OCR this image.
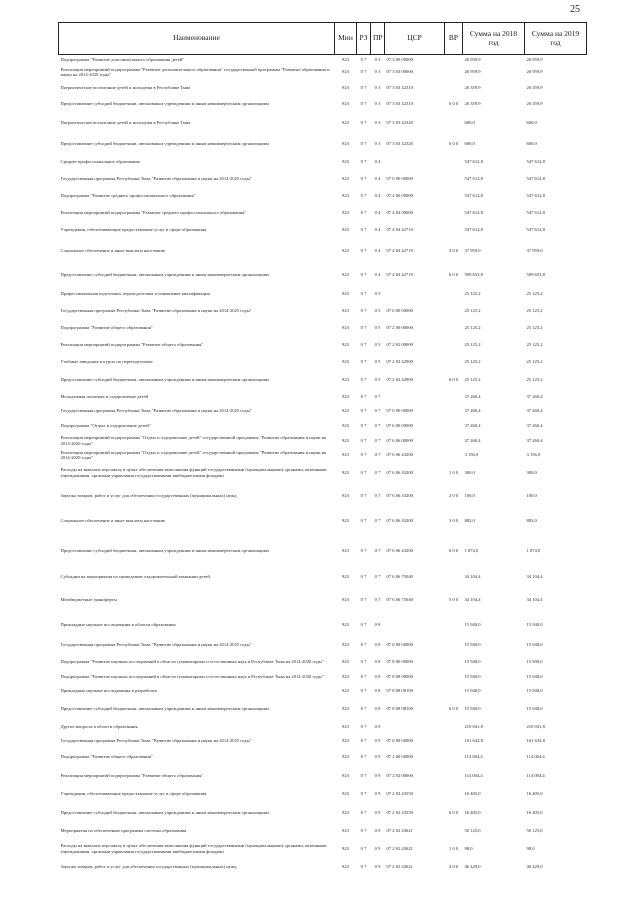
25
Наименование	Мин	РЗ	ПР	ЦСР	ВР	Сумма на 2018 год	Сумма на 2019 год
Подпрограмма "Развитие дополнительного образования детей"	923	0 7	0 3	07 3 00 00000		26 959,9	26 959,9
Реализация мероприятий подпрограммы "Развитие дополнительного образования" государственной программы "Развитие образования и науки на 2014-2020 годы"	923	0 7	0 3	07 3 03 00000		26 959,9	26 959,9
Патриотическое воспитание детей и молодежи в Республике Тыва	923	0 7	0 3	07 3 03 42310		26 359,9	26 359,9
Предоставление субсидий бюджетным, автономным учреждениям и иным некоммерческим организациям	923	0 7	0 3	07 3 03 42310	6 0 0	26 359,9	26 359,9
Патриотическое воспитание детей и молодежи в Республике Тыва	923	0 7	0 3	07 3 03 42320		600,0	600,0
Предоставление субсидий бюджетным, автономным учреждениям и иным некоммерческим организациям	923	0 7	0 3	07 3 03 42320	6 0 0	600,0	600,0
Среднее профессиональное образование	923	0 7	0 4			547 612,8	547 612,8
Государственная программа Республики Тыва "Развитие образования и науки на 2014-2025 годы"	923	0 7	0 4	07 0 00 00000		547 612,8	547 612,8
Подпрограмма "Развитие среднего профессионального образования"	923	0 7	0 4	07 4 00 00000		547 612,8	547 612,8
Реализация мероприятий подпрограммы "Развитие среднего профессионального образования"	923	0 7	0 4	07 4 04 00000		547 612,8	547 612,8
Учреждения, обеспечивающие предоставление услуг в сфере образования	923	0 7	0 4	07 4 04 42710		547 612,8	547 612,8
Социальное обеспечение и иные выплаты населению	923	0 7	0 4	07 4 04 42710	3 0 0	37 959,0	37 959,0
Предоставление субсидий бюджетным, автономным учреждениям и иным некоммерческим организациям	923	0 7	0 4	07 4 04 42710	6 0 0	509 653,8	509 653,8
Профессиональная подготовка, переподготовка и повышение квалификации	923	0 7	0 5			25 125,2	25 125,2
Государственная программа Республики Тыва "Развитие образования и науки на 2014-2025 годы"	923	0 7	0 5	07 0 00 00000		25 125,2	25 125,2
Подпрограмма "Развитие общего образования"	923	0 7	0 5	07 2 00 00000		25 125,2	25 125,2
Реализация мероприятий подпрограммы "Развитие общего образования"	923	0 7	0 5	07 2 02 00000		25 125,2	25 125,2
Учебные заведения и курсы по переподготовке	923	0 7	0 5	07 2 02 42900		25 125,2	25 125,2
Предоставление субсидий бюджетным, автономным учреждениям и иным некоммерческим организациям	923	0 7	0 5	07 2 02 42900	6 0 0	25 125,2	25 125,2
Молодежная политика и оздоровление детей	923	0 7	0 7			37 260,4	37 260,4
Государственная программа Республики Тыва "Развитие образования и науки на 2014-2025 годы"	923	0 7	0 7	07 0 00 00000		37 260,4	37 260,4
Подпрограмма "Отдых и оздоровление детей"	923	0 7	0 7	07 6 00 00000		37 260,4	37 260,4
Реализация мероприятий подпрограммы "Отдых и оздоровление детей" государственной программы "Развитие образования и науки на 2014-2020 годы"	923	0 7	0 7	07 6 06 00000		37 260,4	37 260,4
Реализация мероприятий подпрограммы "Отдых и оздоровление детей" государственной программы "Развитие образования и науки на 2014-2020 годы"	923	0 7	0 7	07 6 06 43200		3 156,0	3 156,0
Расходы на выплаты персоналу в целях обеспечения выполнения функций государственными (муниципальными) органами, казенными учреждениями, органами управления государственными внебюджетными фондами	923	0 7	0 7	07 6 06 43200	1 0 0	300,0	300,0
Закупка товаров, работ и услуг для обеспечения государственных (муниципальных) нужд	923	0 7	0 7	07 6 06 43200	2 0 0	100,0	100,0
Социальное обеспечение и иные выплаты населению	923	0 7	0 7	07 6 06 43200	3 0 0	882,0	882,0
Предоставление субсидий бюджетным, автономным учреждениям и иным некоммерческим организациям	923	0 7	0 7	07 6 06 43200	6 0 0	1 874,0	1 874,0
Субсидии на мероприятия по проведению оздоровительной кампании детей	923	0 7	0 7	07 6 06 75040		34 104,4	34 104,4
Межбюджетные трансферты	923	0 7	0 7	07 6 06 75040	5 0 0	34 104,4	34 104,4
Прикладные научные исследования в области образования	923	0 7	0 8			15 940,0	15 940,0
Государственная программа Республики Тыва "Развитие образования и науки на 2014-2025 годы"	923	0 7	0 8	07 0 00 00000		15 940,0	15 940,0
Подпрограмма "Развитие научных исследований в области гуманитарных и естественных наук в Республике Тыва на 2014-2020 годы"	923	0 7	0 8	07 8 00 00000		15 940,0	15 940,0
Подпрограмма "Развитие научных исследований в области гуманитарных и естественных наук в Республике Тыва на 2014-2020 годы"	923	0 7	0 8	07 8 08 00000		15 940,0	15 940,0
Прикладные научные исследования и разработки	923	0 7	0 8	07 8 08 08100		15 940,0	15 940,0
Предоставление субсидий бюджетным, автономным учреждениям и иным некоммерческим организациям	923	0 7	0 8	07 8 08 08100	6 0 0	15 940,0	15 940,0
Другие вопросы в области образования	923	0 7	0 9			210 041,8	210 041,8
Государственная программа Республики Тыва "Развитие образования и науки на 2014-2025 годы"	923	0 7	0 9	07 0 00 00000		161 632,8	161 632,8
Подпрограмма "Развитие общего образования"	923	0 7	0 9	07 2 00 00000		114 004,4	114 004,4
Реализация мероприятий подпрограммы "Развитие общего образования"	923	0 7	0 9	07 2 02 00000		114 004,4	114 004,4
Учреждения, обеспечивающие предоставление услуг в сфере образования	923	0 7	0 9	07 2 02 43550		16 405,0	16 405,0
Предоставление субсидий бюджетным, автономным учреждениям и иным некоммерческим организациям	923	0 7	0 9	07 2 02 43550	6 0 0	16 405,0	16 405,0
Мероприятия по обеспечению программы системы образования	923	0 7	0 9	07 2 02 43621		50 125,0	50 125,0
Расходы на выплаты персоналу в целях обеспечения выполнения функций государственными (муниципальными) органами, казенными учреждениями, органами управления государственными внебюджетными фондами	923	0 7	0 9	07 2 02 43621	1 0 0	98,0	98,0
Закупка товаров, работ и услуг для обеспечения государственных (муниципальных) нужд	923	0 7	0 9	07 2 02 43621	2 0 0	46 429,0	46 429,0
